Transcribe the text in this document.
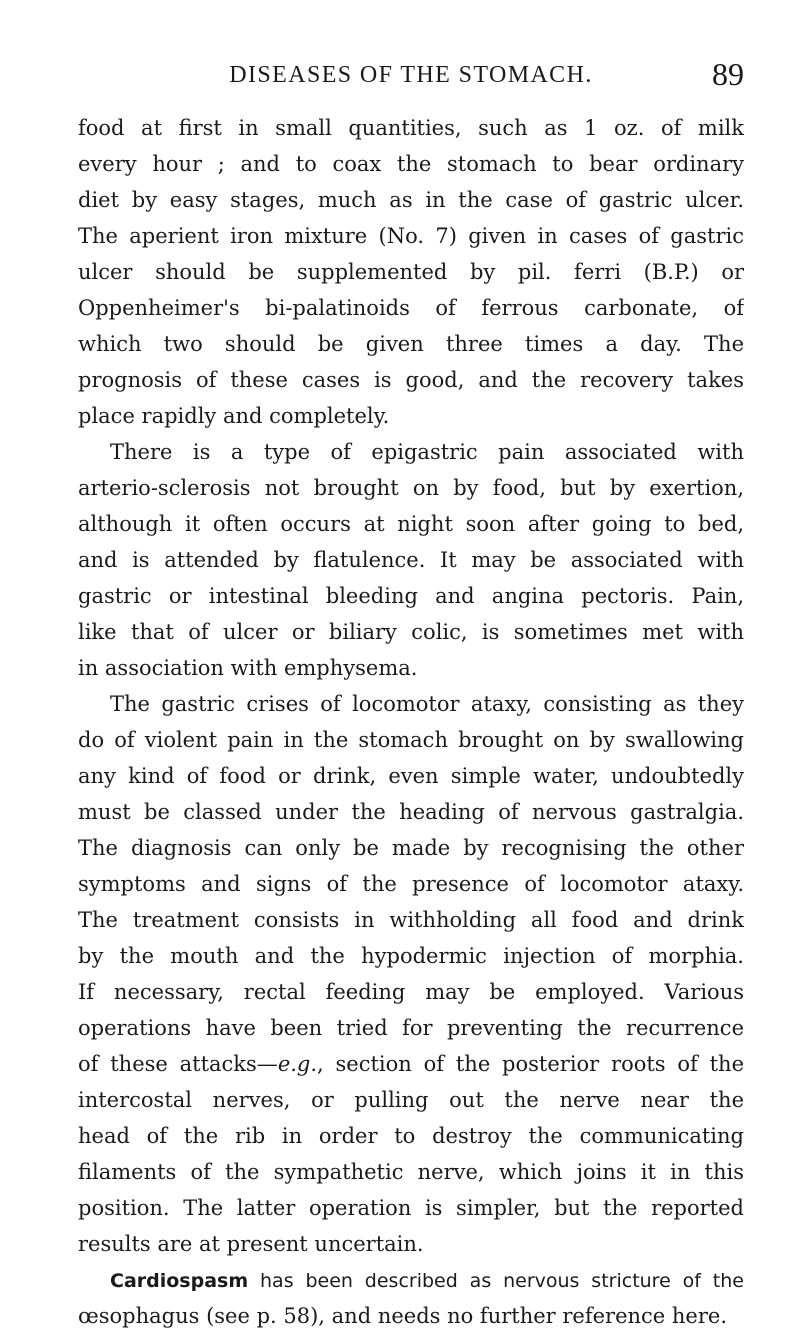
DISEASES OF THE STOMACH.	89
food at first in small quantities, such as 1 oz. of milk
every hour ; and to coax the stomach to bear ordinary
diet by easy stages, much as in the case of gastric ulcer.
The aperient iron mixture (No. 7) given in cases of gastric
ulcer should be supplemented by pil. ferri (B.P.) or
Oppenheimer's bi-palatinoids of ferrous carbonate, of
which two should be given three times a day. The
prognosis of these cases is good, and the recovery takes
place rapidly and completely.
There is a type of epigastric pain associated with
arterio-sclerosis not brought on by food, but by exertion,
although it often occurs at night soon after going to bed,
and is attended by flatulence. It may be associated with
gastric or intestinal bleeding and angina pectoris. Pain,
like that of ulcer or biliary colic, is sometimes met with
in association with emphysema.
The gastric crises of locomotor ataxy, consisting as they
do of violent pain in the stomach brought on by swallowing
any kind of food or drink, even simple water, undoubtedly
must be classed under the heading of nervous gastralgia.
The diagnosis can only be made by recognising the other
symptoms and signs of the presence of locomotor ataxy.
The treatment consists in withholding all food and drink
by the mouth and the hypodermic injection of morphia.
If necessary, rectal feeding may be employed. Various
operations have been tried for preventing the recurrence
of these attacks—e.g., section of the posterior roots of the
intercostal nerves, or pulling out the nerve near the
head of the rib in order to destroy the communicating
filaments of the sympathetic nerve, which joins it in this
position. The latter operation is simpler, but the reported
results are at present uncertain.
Cardiospasm has been described as nervous stricture of the
œsophagus (see p. 58), and needs no further reference here.
